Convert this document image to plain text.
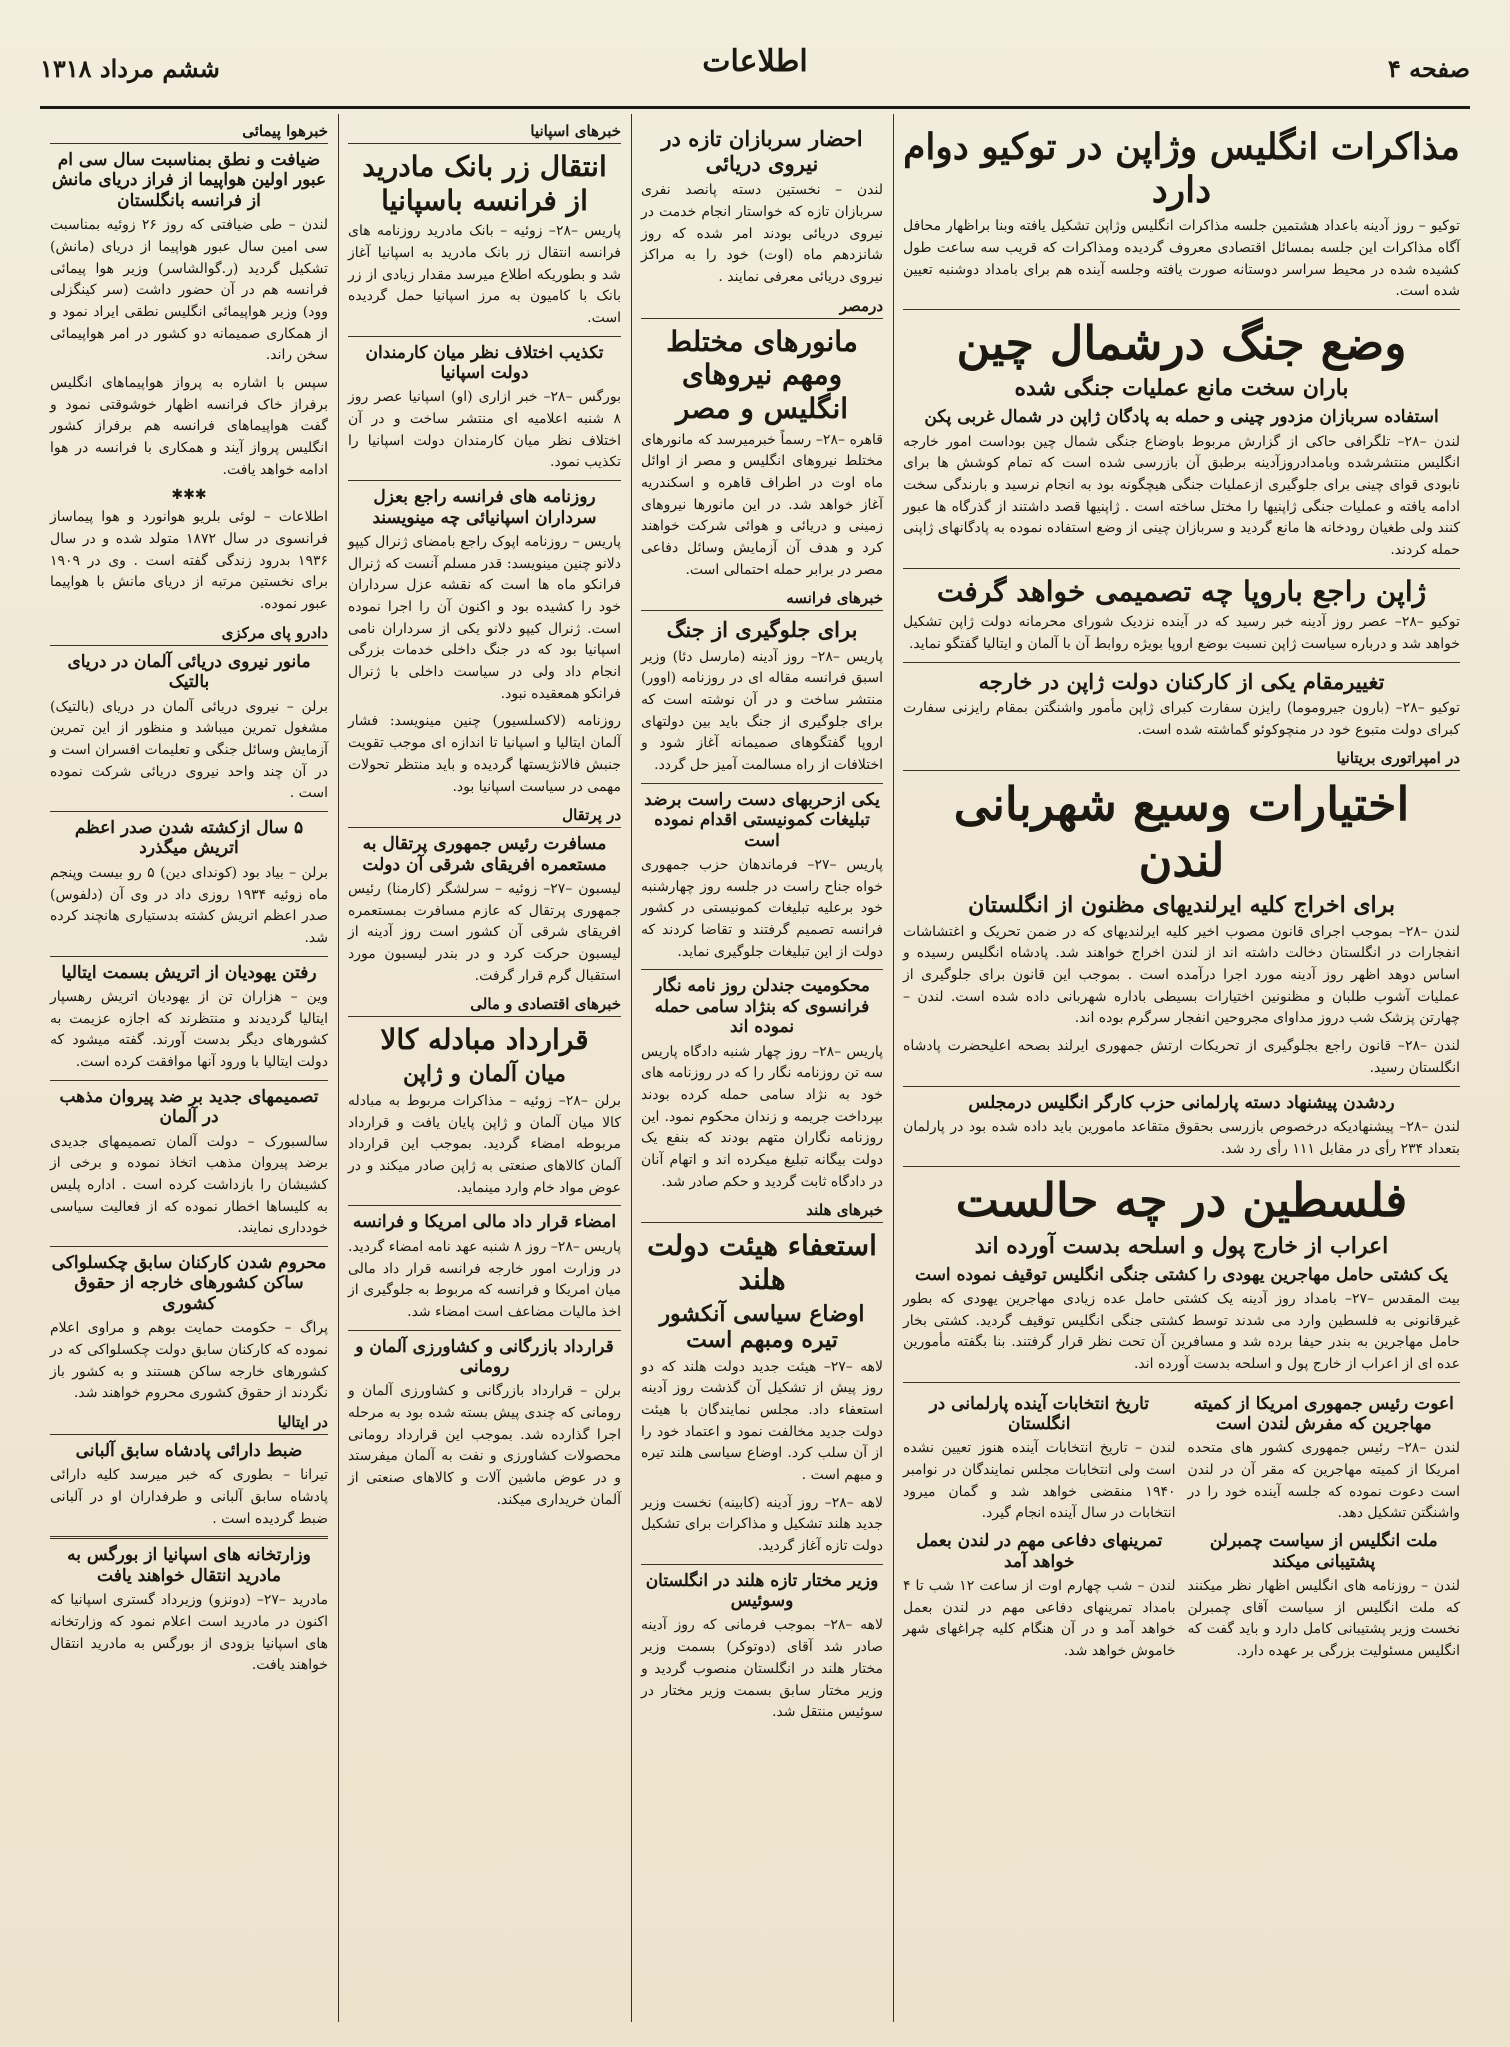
صفحه ۴
اطلاعات
ششم مرداد ۱۳۱۸
مذاکرات انگلیس وژاپن در توکیو دوام دارد
توکیو – روز آدینه باعداد هشتمین جلسه مذاکرات انگلیس وژاپن تشکیل یافته وبنا براظهار محافل آگاه مذاکرات این جلسه بمسائل اقتصادی معروف گردیده ومذاکرات که قریب سه ساعت طول کشیده شده در محیط سراسر دوستانه صورت یافته وجلسه آینده هم برای بامداد دوشنبه تعیین شده است.
وضع جنگ درشمال چین
باران سخت مانع عملیات جنگی شده
استفاده سربازان مزدور چینی و حمله به پادگان ژاپن در شمال غربی پکن
لندن –۲۸– تلگرافی حاکی از گزارش مربوط باوضاع جنگی شمال چین بوداست امور خارجه انگلیس منتشرشده وبامدادروزآدینه برطبق آن بازرسی شده است که تمام کوشش ها برای نابودی قوای چینی برای جلوگیری ازعملیات جنگی هیچگونه بود به انجام نرسید و بارندگی سخت ادامه یافته و عملیات جنگی ژاپنیها را مختل ساخته است . ژاپنیها قصد داشتند از گذرگاه ها عبور کنند ولی طغیان رودخانه ها مانع گردید و سربازان چینی از وضع استفاده نموده به پادگانهای ژاپنی حمله کردند.
ژاپن راجع باروپا چه تصمیمی خواهد گرفت
توکیو –۲۸– عصر روز آدینه خبر رسید که در آینده نزدیک شورای محرمانه دولت ژاپن تشکیل خواهد شد و درباره سیاست ژاپن نسبت بوضع اروپا بویژه روابط آن با آلمان و ایتالیا گفتگو نماید.
تغییرمقام یکی از کارکنان دولت ژاپن در خارجه
توکیو –۲۸– (بارون جیروموما) رایزن سفارت کبرای ژاپن مأمور واشنگتن بمقام رایزنی سفارت کبرای دولت متبوع خود در منچوکوئو گماشته شده است.
در امپراتوری بریتانیا
اختیارات وسیع شهربانی لندن
برای اخراج کلیه ایرلندیهای مظنون از انگلستان
لندن –۲۸– بموجب اجرای قانون مصوب اخیر کلیه ایرلندیهای که در ضمن تحریک و اغتشاشات انفجارات در انگلستان دخالت داشته اند از لندن اخراج خواهند شد. پادشاه انگلیس رسیده و اساس دوهد اظهر روز آدینه مورد اجرا درآمده است . بموجب این قانون برای جلوگیری از عملیات آشوب طلبان و مظنونین اختیارات بسیطی باداره شهربانی داده شده است. لندن – چهارتن پزشک شب دروز مداوای مجروحین انفجار سرگرم بوده اند.
لندن –۲۸– قانون راجع بجلوگیری از تحریکات ارتش جمهوری ایرلند بصحه اعلیحضرت پادشاه انگلستان رسید.
ردشدن پیشنهاد دسته پارلمانی حزب کارگر انگلیس درمجلس
لندن –۲۸– پیشنهادیکه درخصوص بازرسی بحقوق متقاعد مامورین باید داده شده بود در پارلمان بتعداد ۲۳۴ رأی در مقابل ۱۱۱ رأی رد شد.
فلسطین در چه حالست
اعراب از خارج پول و اسلحه بدست آورده اند
یک کشتی حامل مهاجرین یهودی را کشتی جنگی انگلیس توقیف نموده است
بیت المقدس –۲۷– بامداد روز آدینه یک کشتی حامل عده زیادی مهاجرین یهودی که بطور غیرقانونی به فلسطین وارد می شدند توسط کشتی جنگی انگلیس توقیف گردید. کشتی بخار حامل مهاجرین به بندر حیفا برده شد و مسافرین آن تحت نظر قرار گرفتند. بنا بگفته مأمورین عده ای از اعراب از خارج پول و اسلحه بدست آورده اند.
اعوت رئیس جمهوری امریکا از کمیته مهاجرین که مفرش لندن است
لندن –۲۸– رئیس جمهوری کشور های متحده امریکا از کمیته مهاجرین که مقر آن در لندن است دعوت نموده که جلسه آینده خود را در واشنگتن تشکیل دهد.
ملت انگلیس از سیاست چمبرلن پشتیبانی میکند
لندن – روزنامه های انگلیس اظهار نظر میکنند که ملت انگلیس از سیاست آقای چمبرلن نخست وزیر پشتیبانی کامل دارد و باید گفت که انگلیس مسئولیت بزرگی بر عهده دارد.
تاریخ انتخابات آینده پارلمانی در انگلستان
لندن – تاریخ انتخابات آینده هنوز تعیین نشده است ولی انتخابات مجلس نمایندگان در نوامبر ۱۹۴۰ منقضی خواهد شد و گمان میرود انتخابات در سال آینده انجام گیرد.
تمرینهای دفاعی مهم در لندن بعمل خواهد آمد
لندن – شب چهارم اوت از ساعت ۱۲ شب تا ۴ بامداد تمرینهای دفاعی مهم در لندن بعمل خواهد آمد و در آن هنگام کلیه چراغهای شهر خاموش خواهد شد.
احضار سربازان تازه در نیروی دریائی
لندن – نخستین دسته پانصد نفری سربازان تازه که خواستار انجام خدمت در نیروی دریائی بودند امر شده که روز شانزدهم ماه (اوت) خود را به مراکز نیروی دریائی معرفی نمایند .
درمصر
مانورهای مختلط ومهم نیروهای انگلیس و مصر
قاهره –۲۸– رسماً خبرمیرسد که مانورهای مختلط نیروهای انگلیس و مصر از اوائل ماه اوت در اطراف قاهره و اسکندریه آغاز خواهد شد. در این مانورها نیروهای زمینی و دریائی و هوائی شرکت خواهند کرد و هدف آن آزمایش وسائل دفاعی مصر در برابر حمله احتمالی است.
خبرهای فرانسه
برای جلوگیری از جنگ
پاریس –۲۸– روز آدینه (مارسل دئا) وزیر اسبق فرانسه مقاله ای در روزنامه (اوور) منتشر ساخت و در آن نوشته است که برای جلوگیری از جنگ باید بین دولتهای اروپا گفتگوهای صمیمانه آغاز شود و اختلافات از راه مسالمت آمیز حل گردد.
یکی ازحربهای دست راست برضد تبلیغات کمونیستی اقدام نموده است
پاریس –۲۷– فرماندهان حزب جمهوری خواه جناح راست در جلسه روز چهارشنبه خود برعلیه تبلیغات کمونیستی در کشور فرانسه تصمیم گرفتند و تقاضا کردند که دولت از این تبلیغات جلوگیری نماید.
محکومیت جندلن روز نامه نگار فرانسوی که بنژاد سامی حمله نموده اند
پاریس –۲۸– روز چهار شنبه دادگاه پاریس سه تن روزنامه نگار را که در روزنامه های خود به نژاد سامی حمله کرده بودند بپرداخت جریمه و زندان محکوم نمود. این روزنامه نگاران متهم بودند که بنفع یک دولت بیگانه تبلیغ میکرده اند و اتهام آنان در دادگاه ثابت گردید و حکم صادر شد.
خبرهای هلند
استعفاء هیئت دولت هلند
اوضاع سیاسی آنکشور تیره ومبهم است
لاهه –۲۷– هیئت جدید دولت هلند که دو روز پیش از تشکیل آن گذشت روز آدینه استعفاء داد. مجلس نمایندگان با هیئت دولت جدید مخالفت نمود و اعتماد خود را از آن سلب کرد. اوضاع سیاسی هلند تیره و مبهم است .
لاهه –۲۸– روز آدینه (کابینه) نخست وزیر جدید هلند تشکیل و مذاکرات برای تشکیل دولت تازه آغاز گردید.
وزیر مختار تازه هلند در انگلستان وسوئیس
لاهه –۲۸– بموجب فرمانی که روز آدینه صادر شد آقای (دوتوکر) بسمت وزیر مختار هلند در انگلستان منصوب گردید و وزیر مختار سابق بسمت وزیر مختار در سوئیس منتقل شد.
خبرهای اسپانیا
انتقال زر بانک مادرید از فرانسه باسپانیا
پاریس –۲۸– زوئیه – بانک مادرید روزنامه های فرانسه انتقال زر بانک مادرید به اسپانیا آغاز شد و بطوریکه اطلاع میرسد مقدار زیادی از زر بانک با کامیون به مرز اسپانیا حمل گردیده است.
تکذیب اختلاف نظر میان کارمندان دولت اسپانیا
بورگس –۲۸– خبر ازاری (او) اسپانیا عصر روز ۸ شنبه اعلامیه ای منتشر ساخت و در آن اختلاف نظر میان کارمندان دولت اسپانیا را تکذیب نمود.
روزنامه های فرانسه راجع بعزل سرداران اسپانیائی چه مینویسند
پاریس – روزنامه اپوک راجع بامضای ژنرال کیپو دلانو چنین مینویسد: قدر مسلم آنست که ژنرال فرانکو ماه ها است که نقشه عزل سرداران خود را کشیده بود و اکنون آن را اجرا نموده است. ژنرال کیپو دلانو یکی از سرداران نامی اسپانیا بود که در جنگ داخلی خدمات بزرگی انجام داد ولی در سیاست داخلی با ژنرال فرانکو همعقیده نبود.
روزنامه (لاکسلسیور) چنین مینویسد: فشار آلمان ایتالیا و اسپانیا تا اندازه ای موجب تقویت جنبش فالانژیستها گردیده و باید منتظر تحولات مهمی در سیاست اسپانیا بود.
در پرتقال
مسافرت رئیس جمهوری پرتقال به مستعمره افریقای شرقی آن دولت
لیسبون –۲۷– زوئیه – سرلشگر (کارمنا) رئیس جمهوری پرتقال که عازم مسافرت بمستعمره افریقای شرقی آن کشور است روز آدینه از لیسبون حرکت کرد و در بندر لیسبون مورد استقبال گرم قرار گرفت.
خبرهای اقتصادی و مالی
قرارداد مبادله کالا
میان آلمان و ژاپن
برلن –۲۸– زوئیه – مذاکرات مربوط به مبادله کالا میان آلمان و ژاپن پایان یافت و قرارداد مربوطه امضاء گردید. بموجب این قرارداد آلمان کالاهای صنعتی به ژاپن صادر میکند و در عوض مواد خام وارد مینماید.
امضاء قرار داد مالی امریکا و فرانسه
پاریس –۲۸– روز ۸ شنبه عهد نامه امضاء گردید. در وزارت امور خارجه فرانسه قرار داد مالی میان امریکا و فرانسه که مربوط به جلوگیری از اخذ مالیات مضاعف است امضاء شد.
قرارداد بازرگانی و کشاورزی آلمان و رومانی
برلن – قرارداد بازرگانی و کشاورزی آلمان و رومانی که چندی پیش بسته شده بود به مرحله اجرا گذارده شد. بموجب این قرارداد رومانی محصولات کشاورزی و نفت به آلمان میفرستد و در عوض ماشین آلات و کالاهای صنعتی از آلمان خریداری میکند.
خبرهوا پیمائی
ضیافت و نطق بمناسبت سال سی ام عبور اولین هواپیما از فراز دریای مانش از فرانسه بانگلستان
لندن – طی ضیافتی که روز ۲۶ زوئیه بمناسبت سی امین سال عبور هواپیما از دریای (مانش) تشکیل گردید (ر.گوالشاسر) وزیر هوا پیمائی فرانسه هم در آن حضور داشت (سر کینگزلی وود) وزیر هواپیمائی انگلیس نطقی ایراد نمود و از همکاری صمیمانه دو کشور در امر هواپیمائی سخن راند.
سپس با اشاره به پرواز هواپیماهای انگلیس برفراز خاک فرانسه اظهار خوشوقتی نمود و گفت هواپیماهای فرانسه هم برفراز کشور انگلیس پرواز آیند و همکاری با فرانسه در هوا ادامه خواهد یافت.
✱✱✱
اطلاعات – لوئی بلریو هوانورد و هوا پیماساز فرانسوی در سال ۱۸۷۲ متولد شده و در سال ۱۹۳۶ بدرود زندگی گفته است . وی در ۱۹۰۹ برای نخستین مرتبه از دریای مانش با هواپیما عبور نموده.
دادرو پای مرکزی
مانور نیروی دریائی آلمان در دریای بالتیک
برلن – نیروی دریائی آلمان در دریای (بالتیک) مشغول تمرین میباشد و منظور از این تمرین آزمایش وسائل جنگی و تعلیمات افسران است و در آن چند واحد نیروی دریائی شرکت نموده است .
۵ سال ازکشته شدن صدر اعظم اتریش میگذرد
برلن – بیاد بود (کوندای دین) ۵ رو بیست وپنجم ماه زوئیه ۱۹۳۴ روزی داد در وی آن (دلفوس) صدر اعظم اتریش کشته بدستیاری هانچند کرده شد.
رفتن یهودیان از اتریش بسمت ایتالیا
وین – هزاران تن از یهودیان اتریش رهسپار ایتالیا گردیدند و منتظرند که اجازه عزیمت به کشورهای دیگر بدست آورند. گفته میشود که دولت ایتالیا با ورود آنها موافقت کرده است.
تصمیمهای جدید بر ضد پیروان مذهب در آلمان
سالسبورک – دولت آلمان تصمیمهای جدیدی برضد پیروان مذهب اتخاذ نموده و برخی از کشیشان را بازداشت کرده است . اداره پلیس به کلیساها اخطار نموده که از فعالیت سیاسی خودداری نمایند.
محروم شدن کارکنان سابق چکسلواکی ساکن کشورهای خارجه از حقوق کشوری
پراگ – حکومت حمایت بوهم و مراوی اعلام نموده که کارکنان سابق دولت چکسلواکی که در کشورهای خارجه ساکن هستند و به کشور باز نگردند از حقوق کشوری محروم خواهند شد.
در ایتالیا
ضبط دارائی پادشاه سابق آلبانی
تیرانا – بطوری که خبر میرسد کلیه دارائی پادشاه سابق آلبانی و طرفداران او در آلبانی ضبط گردیده است .
وزارتخانه های اسپانیا از بورگس به مادرید انتقال خواهند یافت
مادرید –۲۷– (دونزو) وزیرداد گستری اسپانیا که اکنون در مادرید است اعلام نمود که وزارتخانه های اسپانیا بزودی از بورگس به مادرید انتقال خواهند یافت.
